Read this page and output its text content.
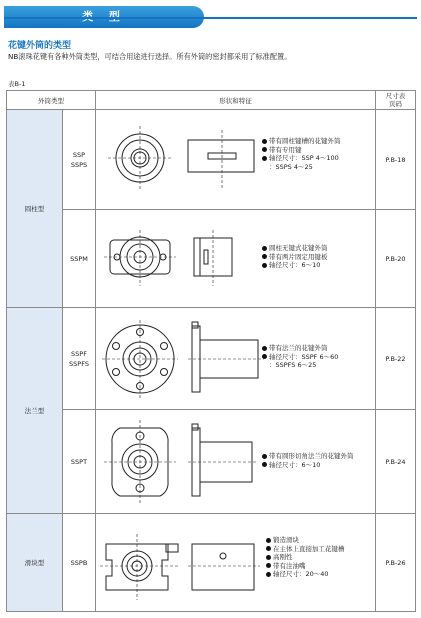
花键外筒的类型
NB滚珠花键有各种外筒类型，可结合用途进行选择。所有外筒的密封都采用了标准配置。
表B-1
外筒类型		形状和特征	尺寸表页码

圆柱型	SSP
SSPS	带有圆柱键槽的花键外筒
带有专用键
轴径尺寸：SSP 4～100
：SSPS 4～25	P.B-18
	SSPM	圆柱无键式花键外筒
带有两片固定用键板
轴径尺寸：6～10	P.B-20
法兰型	SSPF
SSPFS	带有法兰的花键外筒
轴径尺寸：SSPF 6～60
：SSPFS 6～25	P.B-22
	SSPT	带有圆形切角法兰的花键外筒
轴径尺寸：6～10	P.B-24
滑块型	SSPB	锻造滑块
在主体上直接加工花键槽
高刚性
带有注油嘴
轴径尺寸：20～40	P.B-26
